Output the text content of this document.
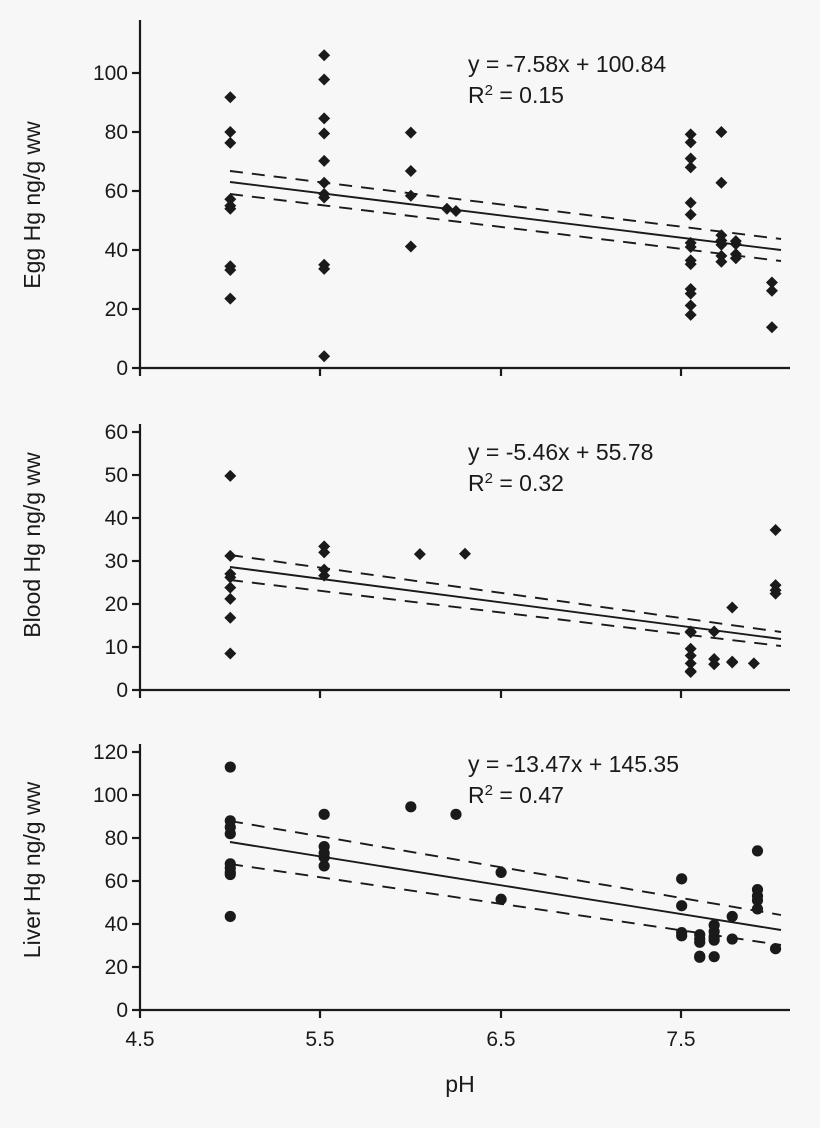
Egg Hg ng/g ww
0
20
40
60
80
100	y = -7.58x + 100.84
$R^2 = 0.15$
Blood Hg ng/g ww
0
10
20
30
40
50
60
y = -5.46x + 55.78
$R^2 = 0.32$
Liver Hg ng/g ww
0
20
40
60
80
100
120
4.5	5.5	6.5	7.5
pH
y = -13.47x + 145.35
$R^2 = 0.47$
